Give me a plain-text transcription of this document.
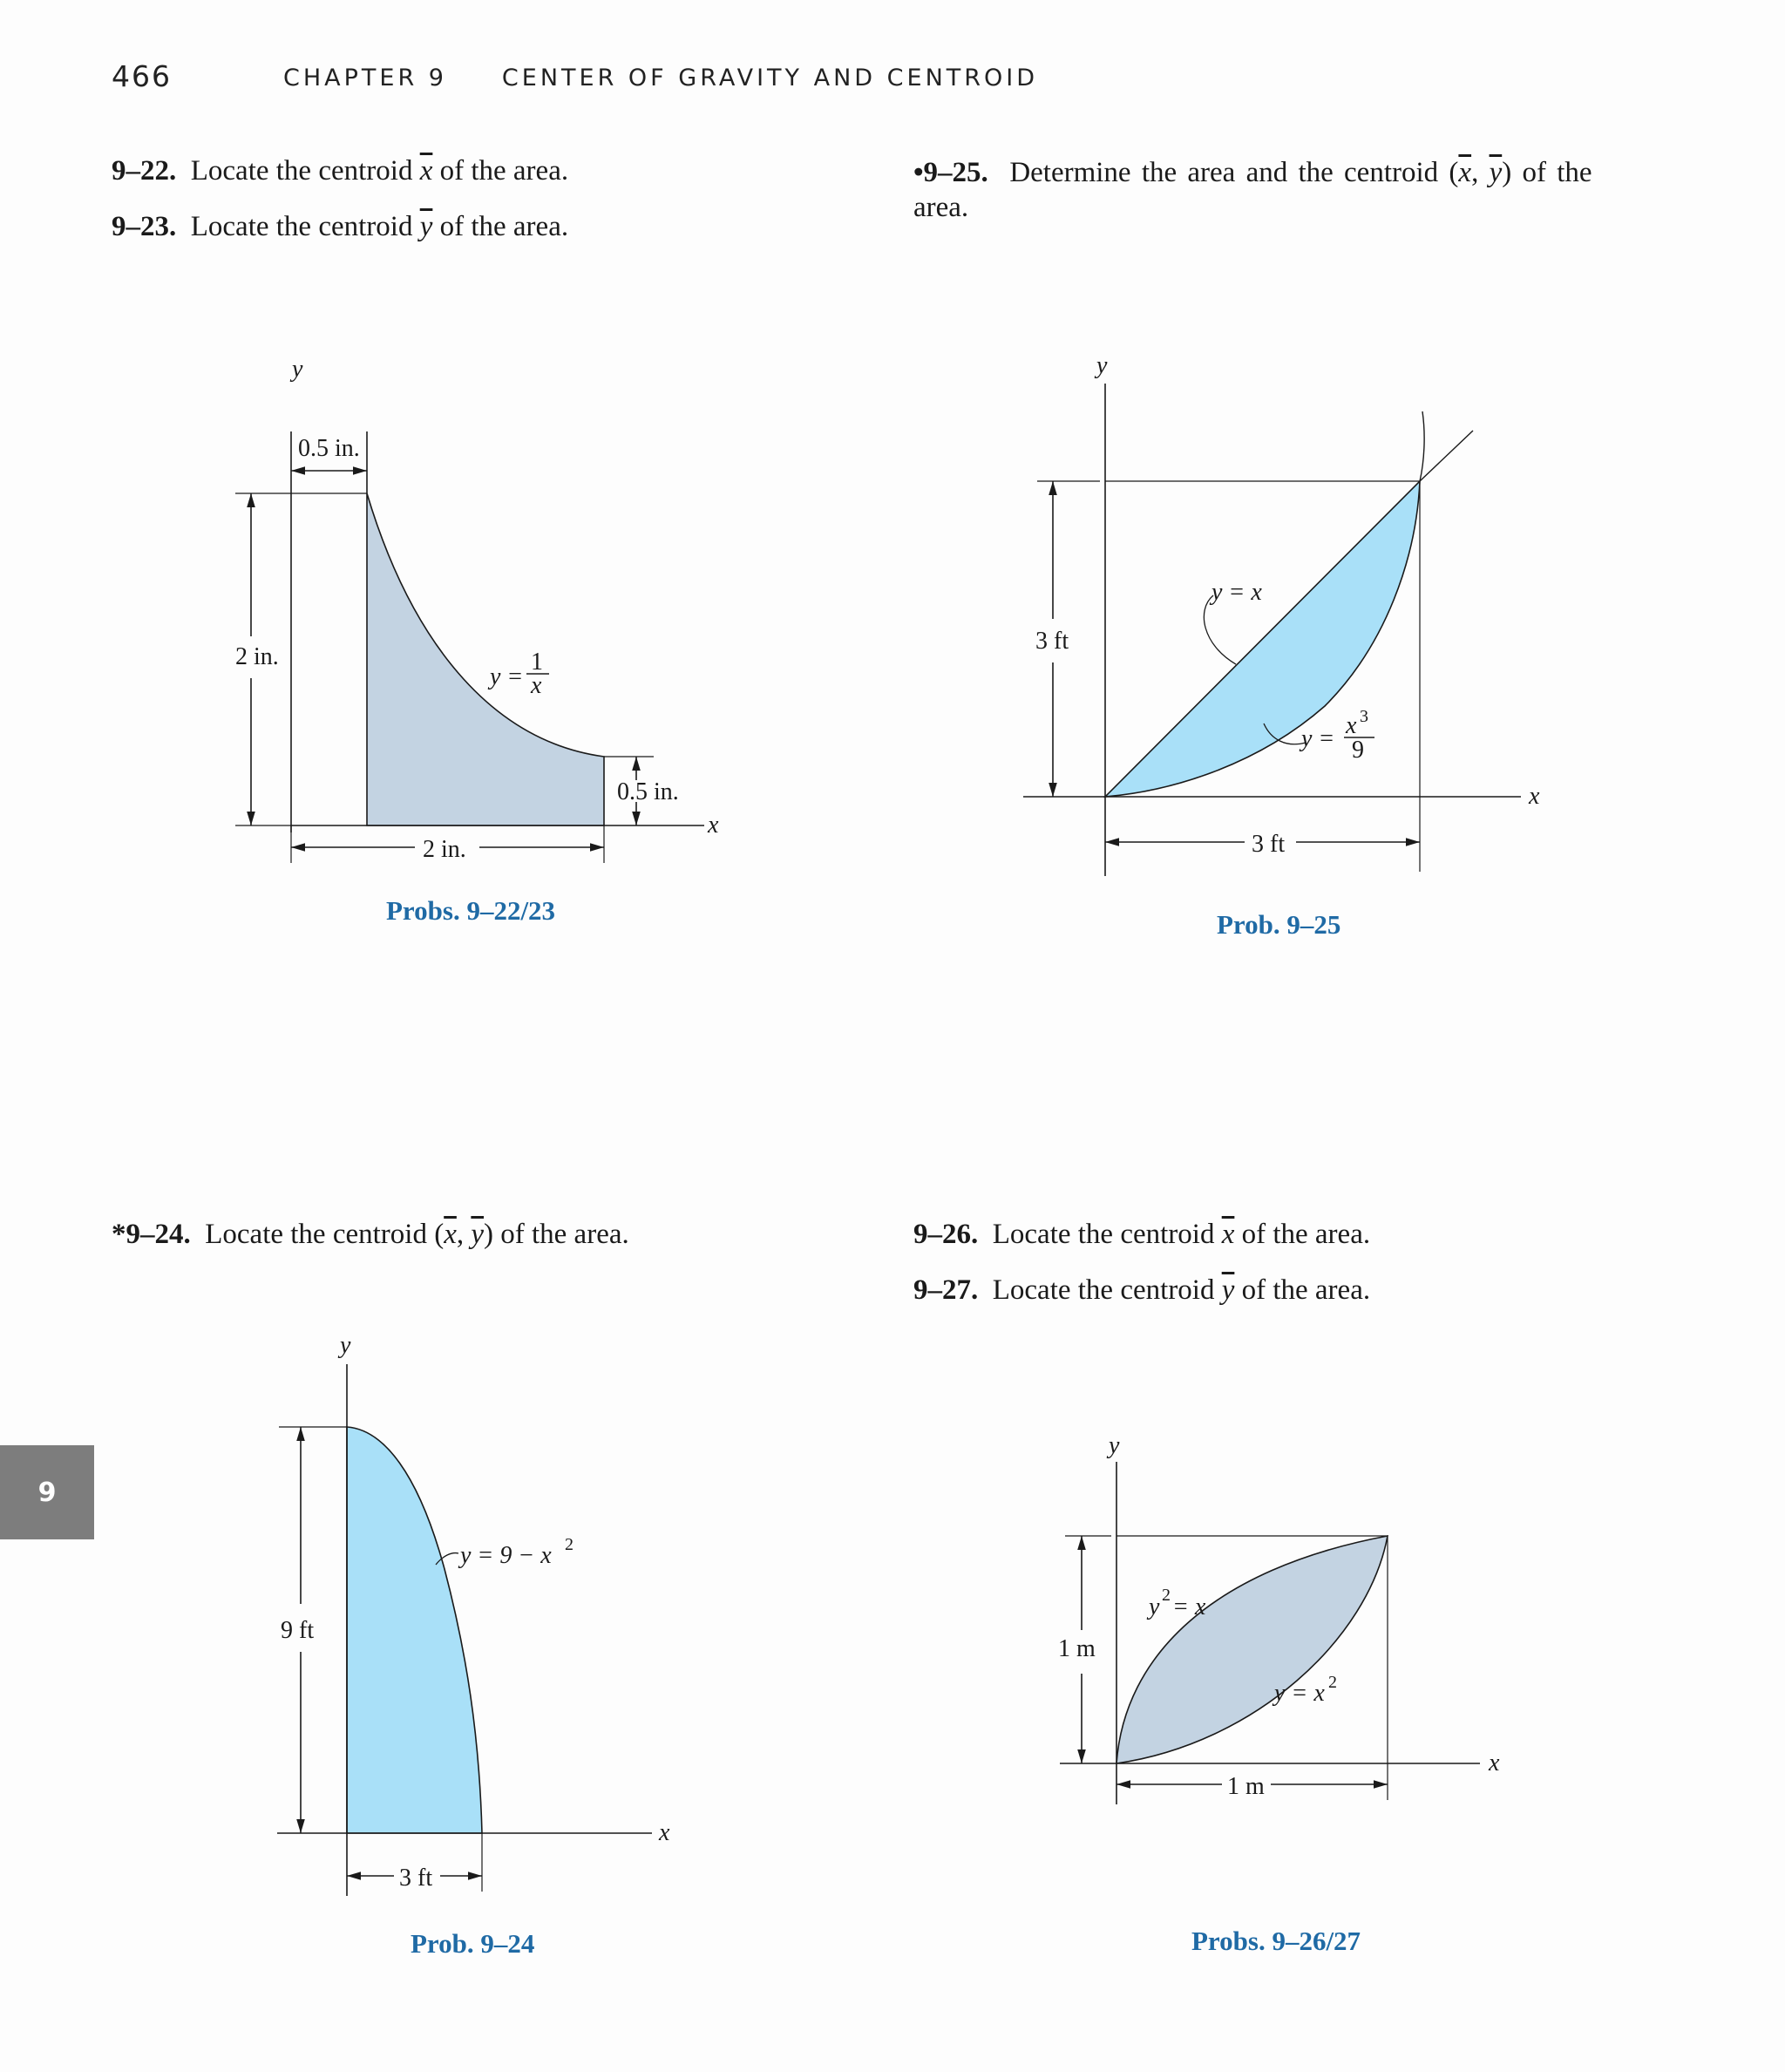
466	CHAPTER 9 CENTER OF GRAVITY AND CENTROID
9–22. Locate the centroid $\overline{x}$ of the area.
9–23. Locate the centroid $\overline{y}$ of the area.
•9–25. Determine the area and the centroid ($\overline{x}$, $\overline{y}$) of the
area.
*9–24. Locate the centroid ($\overline{x}$, $\overline{y}$) of the area.	9–26. Locate the centroid $\overline{x}$ of the area.
9–27. Locate the centroid $\overline{y}$ of the area.
9
y
x
0.5 in.
2 in.
0.5 in.
2 in.
y =
1
x
y
x
3 ft
3 ft
y = x
y = x 3
9
y
x
9 ft
3 ft
y = 9 − x 2
y
x
1 m
1 m
y 2 = x
y = x 2
Probs. 9–22/23	Prob. 9–25
Prob. 9–24	Probs. 9–26/27
